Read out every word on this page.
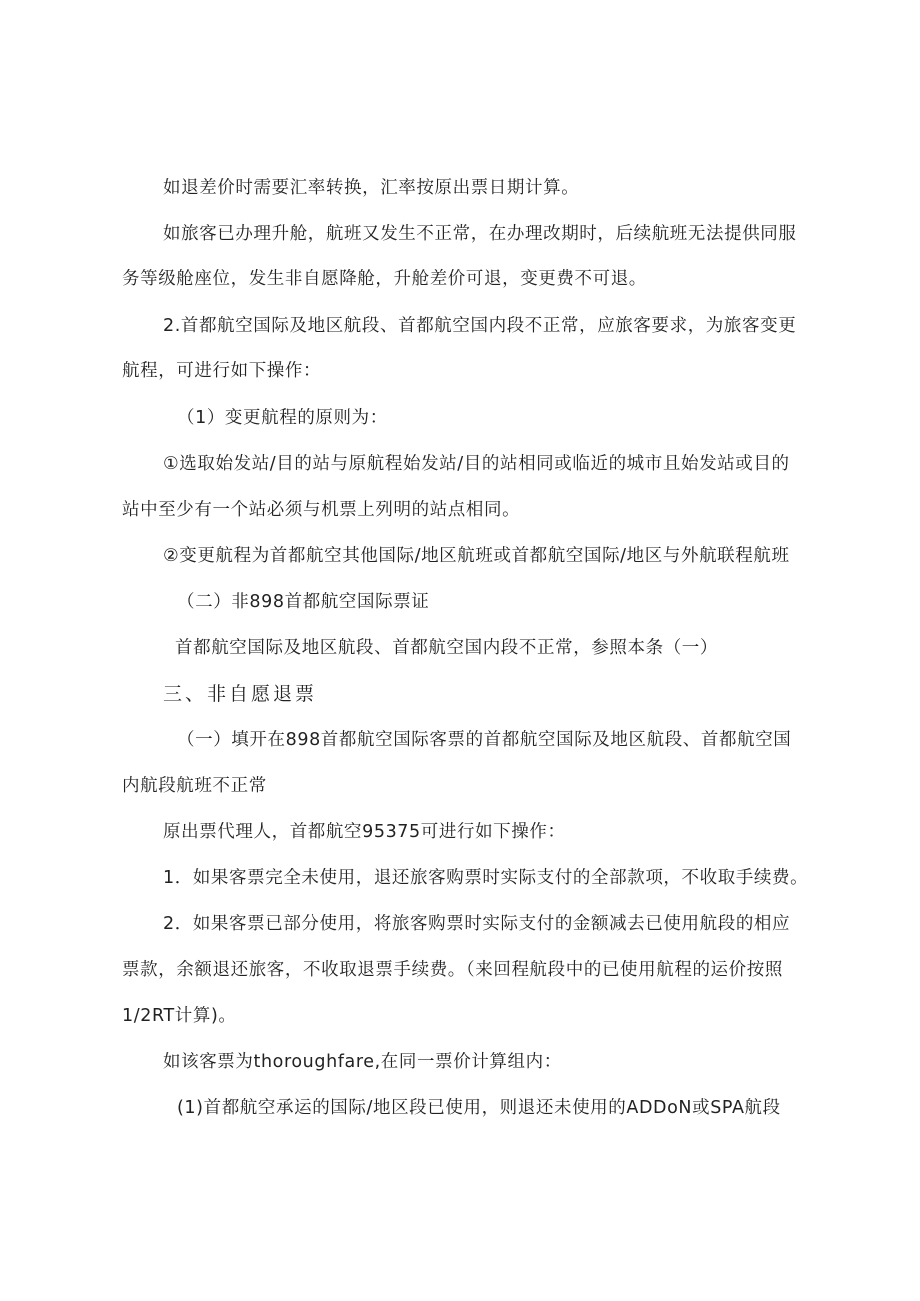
如退差价时需要汇率转换，汇率按原出票日期计算。
如旅客已办理升舱，航班又发生不正常，在办理改期时，后续航班无法提供同服
务等级舱座位，发生非自愿降舱，升舱差价可退，变更费不可退。
2.首都航空国际及地区航段、首都航空国内段不正常，应旅客要求，为旅客变更
航程，可进行如下操作：
（1）变更航程的原则为：
①选取始发站/目的站与原航程始发站/目的站相同或临近的城市且始发站或目的
站中至少有一个站必须与机票上列明的站点相同。
②变更航程为首都航空其他国际/地区航班或首都航空国际/地区与外航联程航班
（二）非898首都航空国际票证
首都航空国际及地区航段、首都航空国内段不正常，参照本条（一）
三、非自愿退票
（一）填开在898首都航空国际客票的首都航空国际及地区航段、首都航空国
内航段航班不正常
原出票代理人，首都航空95375可进行如下操作：
1．如果客票完全未使用，退还旅客购票时实际支付的全部款项，不收取手续费。
2．如果客票已部分使用，将旅客购票时实际支付的金额减去已使用航段的相应
票款，余额退还旅客，不收取退票手续费。（来回程航段中的已使用航程的运价按照
1/2RT计算)。
如该客票为thoroughfare,在同一票价计算组内：
(1)首都航空承运的国际/地区段已使用，则退还未使用的ADDoN或SPA航段
